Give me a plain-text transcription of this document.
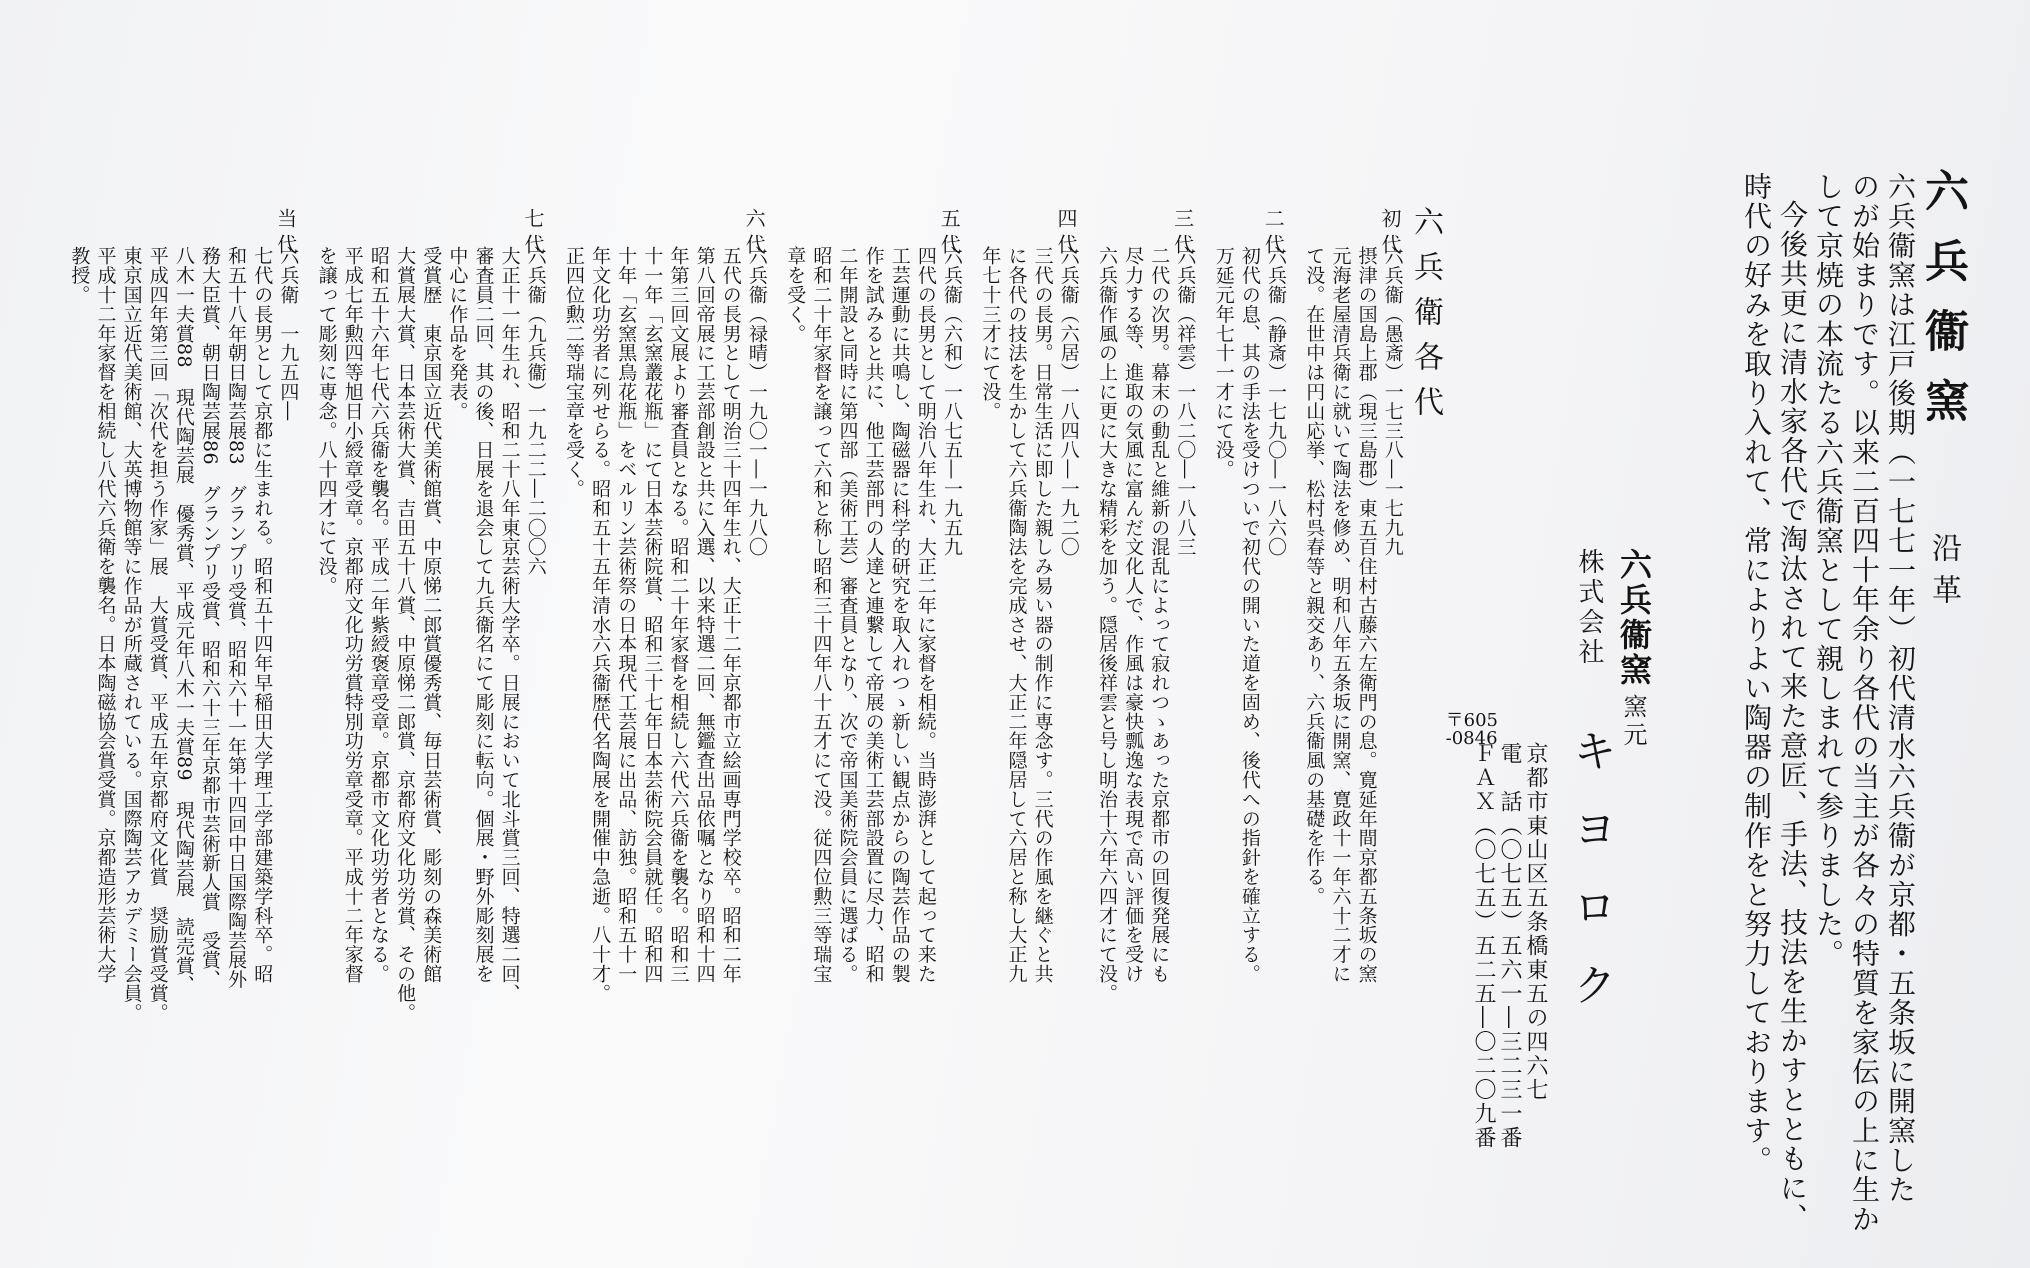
六兵衞窯
沿革
六兵衞窯は江戸後期（一七七一年）初代清水六兵衞が京都・五条坂に開窯した
のが始まりです。以来二百四十年余り各代の当主が各々の特質を家伝の上に生か
して京焼の本流たる六兵衞窯として親しまれて参りました。
今後共更に清水家各代で淘汰されて来た意匠、手法、技法を生かすとともに、
時代の好みを取り入れて、常によりよい陶器の制作をと努力しております。
六兵衞窯
株式会社
窯元
キヨロク
〒605
-0846
京都市東山区五条橋東五の四六七
電　話（〇七五）五六一―三二三一番
ＦＡＸ（〇七五）五二五―〇二〇九番
六兵衛各代
初代
六兵衞（愚斎）一七三八―一七九九
摂津の国島上郡（現三島郡）東五百住村古藤六左衛門の息。寛延年間京都五条坂の窯
元海老屋清兵衛に就いて陶法を修め、明和八年五条坂に開窯、寛政十一年六十二才に
て没。在世中は円山応挙、松村呉春等と親交あり、六兵衞風の基礎を作る。
二代
六兵衞（静斎）一七九〇―一八六〇
初代の息、其の手法を受けついで初代の開いた道を固め、後代への指針を確立する。
万延元年七十一才にて没。
三代
六兵衞（祥雲）一八二〇―一八八三
二代の次男。幕末の動乱と維新の混乱によって寂れつゝあった京都市の回復発展にも
尽力する等、進取の気風に富んだ文化人で、作風は豪快瓢逸な表現で高い評価を受け
六兵衞作風の上に更に大きな精彩を加う。隠居後祥雲と号し明治十六年六四才にて没。
四代
六兵衞（六居）一八四八―一九二〇
三代の長男。日常生活に即した親しみ易い器の制作に専念す。三代の作風を継ぐと共
に各代の技法を生かして六兵衞陶法を完成させ、大正二年隠居して六居と称し大正九
年七十三才にて没。
五代
六兵衞（六和）一八七五―一九五九
四代の長男として明治八年生れ、大正二年に家督を相続。当時澎湃として起って来た
工芸運動に共鳴し、陶磁器に科学的研究を取入れつゝ新しい観点からの陶芸作品の製
作を試みると共に、他工芸部門の人達と連繋して帝展の美術工芸部設置に尽力、昭和
二年開設と同時に第四部（美術工芸）審査員となり、次で帝国美術院会員に選ばる。
昭和二十年家督を譲って六和と称し昭和三十四年八十五才にて没。従四位勲三等瑞宝
章を受く。
六代
六兵衞（禄晴）一九〇一―一九八〇
五代の長男として明治三十四年生れ、大正十二年京都市立絵画専門学校卒。昭和二年
第八回帝展に工芸部創設と共に入選、以来特選二回、無鑑査出品依嘱となり昭和十四
年第三回文展より審査員となる。昭和二十年家督を相続し六代六兵衞を襲名。昭和三
十一年「玄窯叢花瓶」にて日本芸術院賞、昭和三十七年日本芸術院会員就任。昭和四
十年「玄窯黒鳥花瓶」をベルリン芸術祭の日本現代工芸展に出品、訪独。昭和五十一
年文化功労者に列せらる。昭和五十五年清水六兵衞歴代名陶展を開催中急逝。八十才。
正四位勲二等瑞宝章を受く。
七代
六兵衞（九兵衞）一九二二―二〇〇六
大正十一年生れ、昭和二十八年東京芸術大学卒。日展において北斗賞三回、特選二回、
審査員二回、其の後、日展を退会して九兵衞名にて彫刻に転向。個展・野外彫刻展を
中心に作品を発表。
受賞歴　東京国立近代美術館賞、中原悌二郎賞優秀賞、毎日芸術賞、彫刻の森美術館
大賞展大賞、日本芸術大賞、吉田五十八賞、中原悌二郎賞、京都府文化功労賞、その他。
昭和五十六年七代六兵衞を襲名。平成二年紫綬褒章受章。京都市文化功労者となる。
平成七年勲四等旭日小綬章受章。京都府文化功労賞特別功労章受章。平成十二年家督
を譲って彫刻に専念。八十四才にて没。
当代
六兵衛　一九五四―
七代の長男として京都に生まれる。昭和五十四年早稲田大学理工学部建築学科卒。昭
和五十八年朝日陶芸展83　グランプリ受賞、昭和六十一年第十四回中日国際陶芸展外
務大臣賞、朝日陶芸展86　グランプリ受賞、昭和六十三年京都市芸術新人賞　受賞、
八木一夫賞88　現代陶芸展　優秀賞、平成元年八木一夫賞89　現代陶芸展　読売賞、
平成四年第三回「次代を担う作家」展　大賞受賞、平成五年京都府文化賞　奨励賞受賞。
東京国立近代美術館、大英博物館等に作品が所蔵されている。国際陶芸アカデミー会員。
平成十二年家督を相続し八代六兵衛を襲名。日本陶磁協会賞受賞。京都造形芸術大学
教授。
